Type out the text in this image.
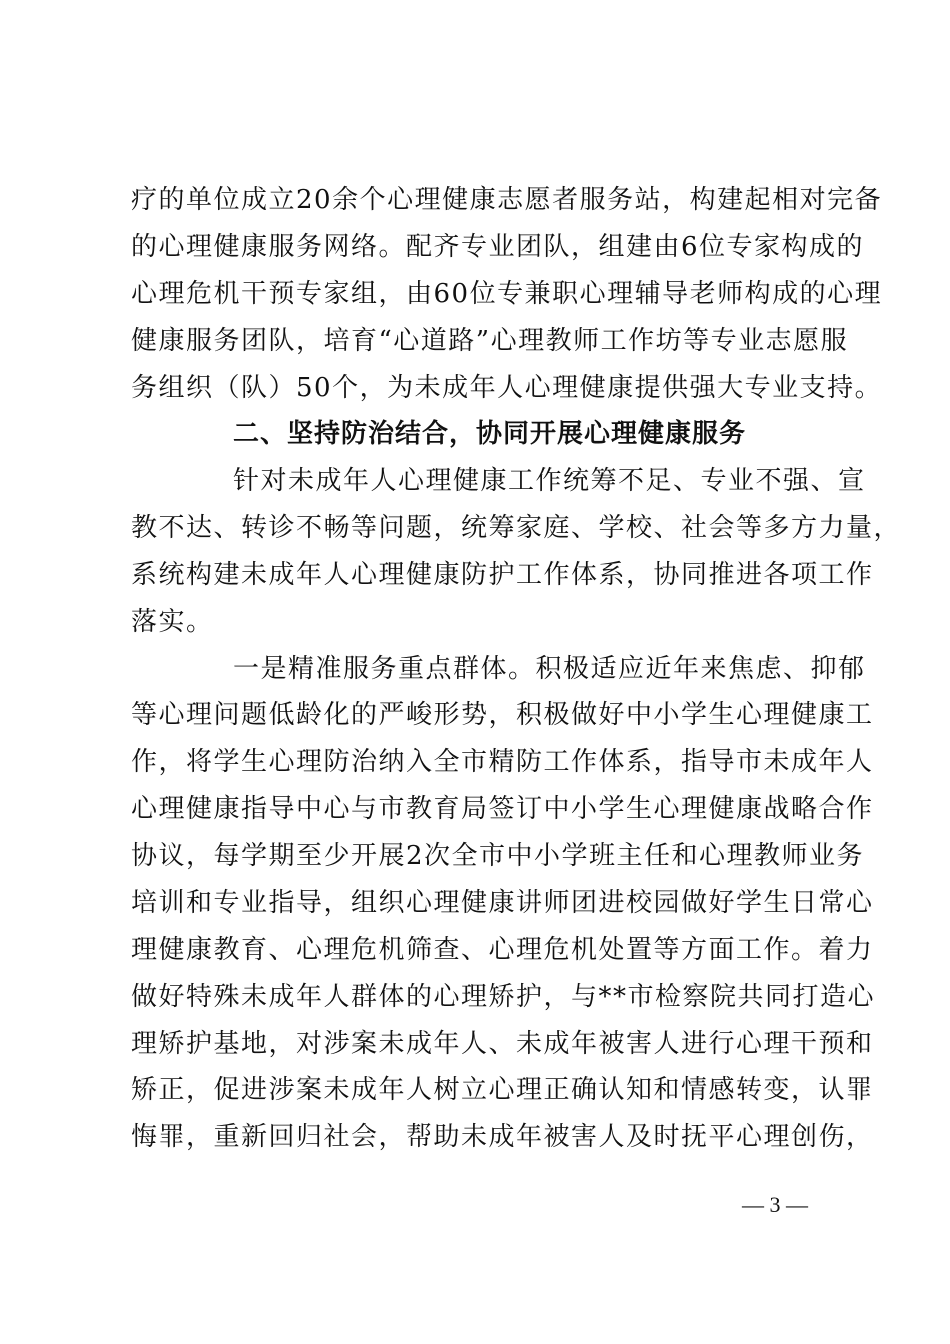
疗的单位成立20余个心理健康志愿者服务站，构建起相对完备
的心理健康服务网络。配齐专业团队，组建由6位专家构成的
心理危机干预专家组，由60位专兼职心理辅导老师构成的心理
健康服务团队，培育“心道路”心理教师工作坊等专业志愿服
务组织（队）50个，为未成年人心理健康提供强大专业支持。
二、坚持防治结合，协同开展心理健康服务
针对未成年人心理健康工作统筹不足、专业不强、宣
教不达、转诊不畅等问题，统筹家庭、学校、社会等多方力量，
系统构建未成年人心理健康防护工作体系，协同推进各项工作
落实。
一是精准服务重点群体。积极适应近年来焦虑、抑郁
等心理问题低龄化的严峻形势，积极做好中小学生心理健康工
作，将学生心理防治纳入全市精防工作体系，指导市未成年人
心理健康指导中心与市教育局签订中小学生心理健康战略合作
协议，每学期至少开展2次全市中小学班主任和心理教师业务
培训和专业指导，组织心理健康讲师团进校园做好学生日常心
理健康教育、心理危机筛查、心理危机处置等方面工作。着力
做好特殊未成年人群体的心理矫护，与**市检察院共同打造心
理矫护基地，对涉案未成年人、未成年被害人进行心理干预和
矫正，促进涉案未成年人树立心理正确认知和情感转变，认罪
悔罪，重新回归社会，帮助未成年被害人及时抚平心理创伤，
— 3 —
